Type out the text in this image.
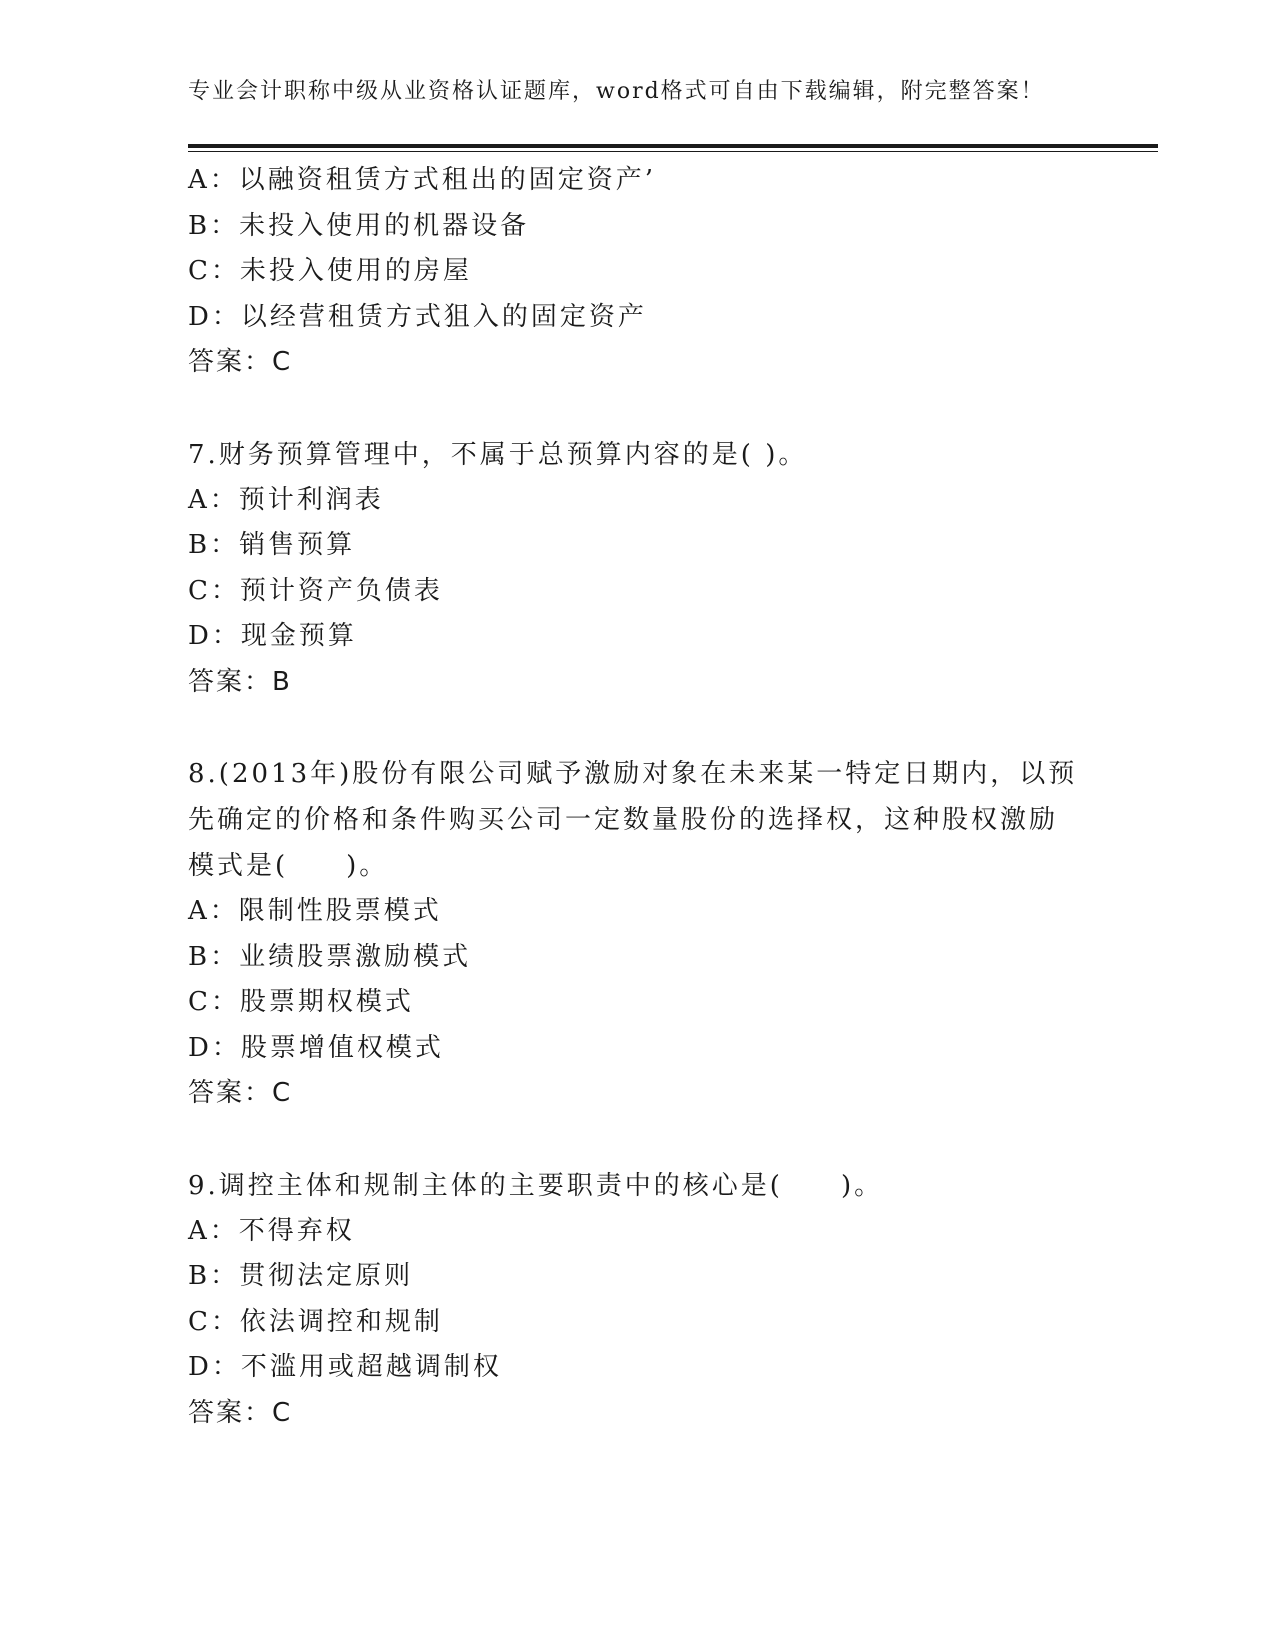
专业会计职称中级从业资格认证题库，word格式可自由下载编辑，附完整答案！
A：以融资租赁方式租出的固定资产’
B：未投入使用的机器设备
C：未投入使用的房屋
D：以经营租赁方式狙入的固定资产
答案：C
7.财务预算管理中，不属于总预算内容的是( )。
A：预计利润表
B：销售预算
C：预计资产负债表
D：现金预算
答案：B
8.(2013年)股份有限公司赋予激励对象在未来某一特定日期内，以预
先确定的价格和条件购买公司一定数量股份的选择权，这种股权激励
模式是(　　)。
A：限制性股票模式
B：业绩股票激励模式
C：股票期权模式
D：股票增值权模式
答案：C
9.调控主体和规制主体的主要职责中的核心是(　　)。
A：不得弃权
B：贯彻法定原则
C：依法调控和规制
D：不滥用或超越调制权
答案：C
